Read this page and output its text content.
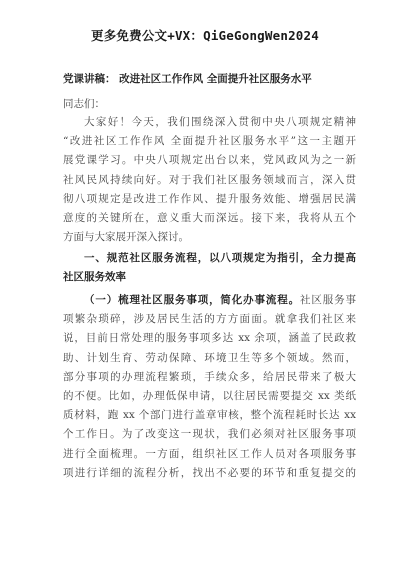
更多免费公文+VX：QiGeGongWen2024
党课讲稿： 改进社区工作作风 全面提升社区服务水平
同志们：
大家好！今天，我们围绕深入贯彻中央八项规定精神
“改进社区工作作风 全面提升社区服务水平”这一主题开
展党课学习。中央八项规定出台以来，党风政风为之一新
社风民风持续向好。对于我们社区服务领域而言，深入贯
彻八项规定是改进工作作风、提升服务效能、增强居民满
意度的关键所在，意义重大而深远。接下来，我将从五个
方面与大家展开深入探讨。
一、规范社区服务流程，以八项规定为指引，全力提高
社区服务效率
（一）梳理社区服务事项，简化办事流程。社区服务事
项繁杂琐碎，涉及居民生活的方方面面。就拿我们社区来
说，目前日常处理的服务事项多达 xx 余项，涵盖了民政救
助、计划生育、劳动保障、环境卫生等多个领域。然而，
部分事项的办理流程繁琐，手续众多，给居民带来了极大
的不便。比如，办理低保申请，以往居民需要提交 xx 类纸
质材料，跑 xx 个部门进行盖章审核，整个流程耗时长达 xx
个工作日。为了改变这一现状，我们必须对社区服务事项
进行全面梳理。一方面，组织社区工作人员对各项服务事
项进行详细的流程分析，找出不必要的环节和重复提交的
